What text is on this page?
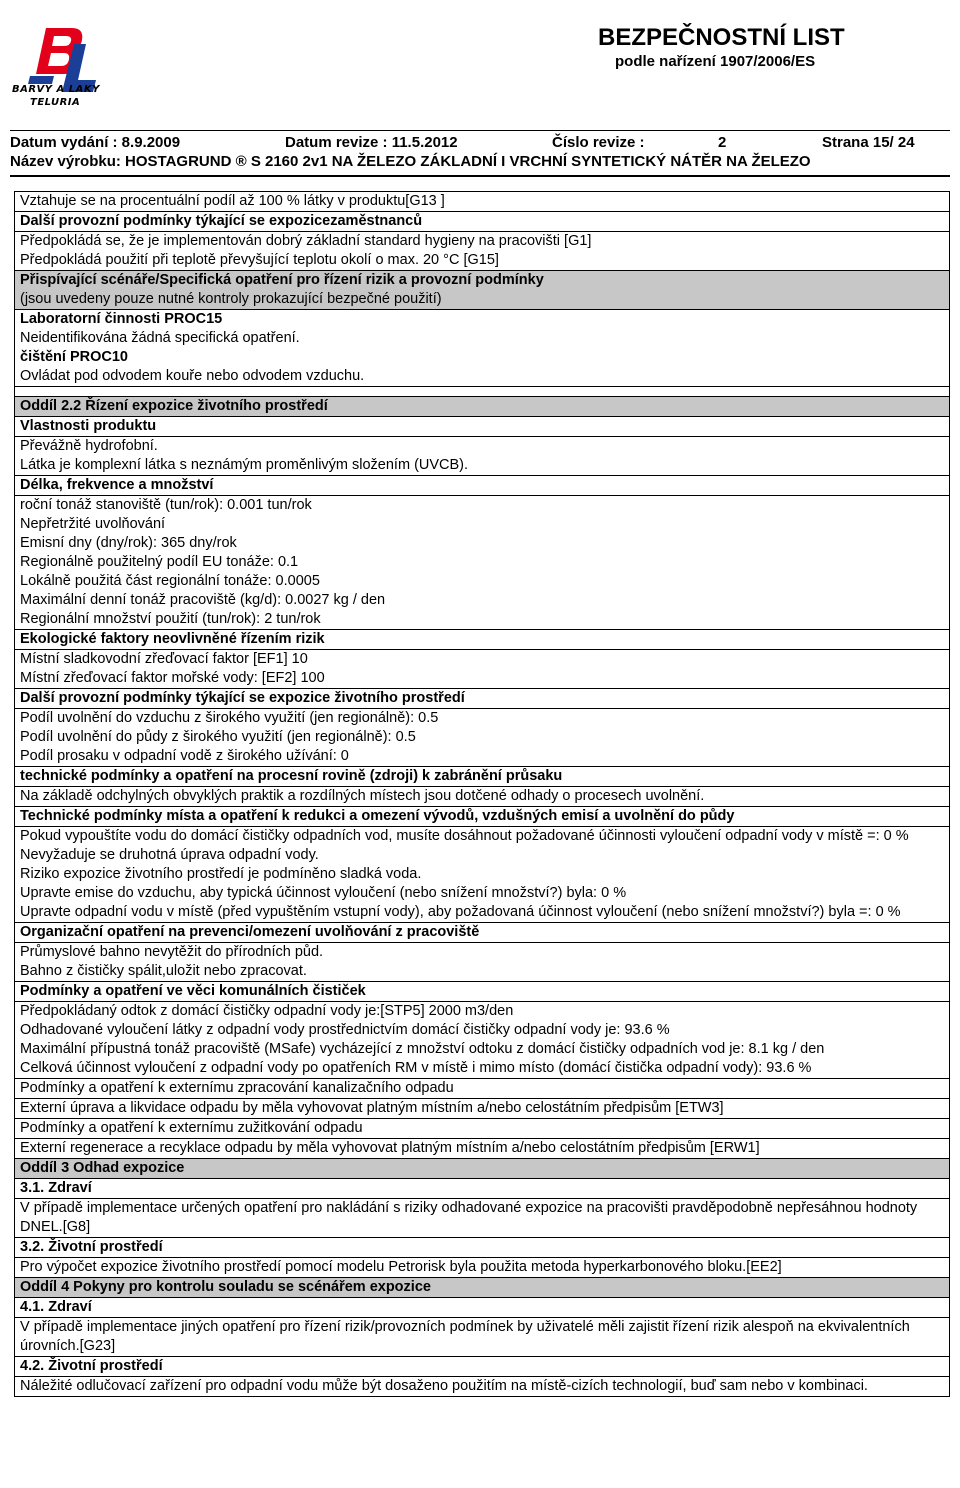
BARVY A LAKY
TELURIA
BEZPEČNOSTNÍ LIST
podle nařízení 1907/2006/ES
Datum vydání : 8.9.2009	Datum revize : 11.5.2012	Číslo revize :	2	Strana 15/ 24
Název výrobku: HOSTAGRUND ® S 2160 2v1 NA ŽELEZO ZÁKLADNÍ I VRCHNÍ SYNTETICKÝ NÁTĚR NA ŽELEZO
Vztahuje se na procentuální podíl až 100 % látky v produktu[G13 ]
Další provozní podmínky týkající se expozicezaměstnanců
Předpokládá se, že je implementován dobrý základní standard hygieny na pracovišti [G1]
Předpokládá použití při teplotě převyšující teplotu okolí o max. 20 °C [G15]
Přispívající scénáře/Specifická opatření pro řízení rizik a provozní podmínky
(jsou uvedeny pouze nutné kontroly prokazující bezpečné použití)
Laboratorní činnosti PROC15
Neidentifikována žádná specifická opatření.
čištění PROC10
Ovládat pod odvodem kouře nebo odvodem vzduchu.
Oddíl 2.2 Řízení expozice životního prostředí
Vlastnosti produktu
Převážně hydrofobní.
Látka je komplexní látka s neznámým proměnlivým složením (UVCB).
Délka, frekvence a množství
roční tonáž stanoviště (tun/rok): 0.001 tun/rok
Nepřetržité uvolňování
Emisní dny (dny/rok): 365 dny/rok
Regionálně použitelný podíl EU tonáže: 0.1
Lokálně použitá část regionální tonáže: 0.0005
Maximální denní tonáž pracoviště (kg/d): 0.0027 kg / den
Regionální množství použití (tun/rok): 2 tun/rok
Ekologické faktory neovlivněné řízením rizik
Místní sladkovodní zřeďovací faktor [EF1] 10
Místní zřeďovací faktor mořské vody: [EF2] 100
Další provozní podmínky týkající se expozice životního prostředí
Podíl uvolnění do vzduchu z širokého využití (jen regionálně): 0.5
Podíl uvolnění do půdy z širokého využití (jen regionálně): 0.5
Podíl prosaku v odpadní vodě z širokého užívání: 0
technické podmínky a opatření na procesní rovině (zdroji) k zabránění průsaku
Na základě odchylných obvyklých praktik a rozdílných místech jsou dotčené odhady o procesech uvolnění.
Technické podmínky místa a opatření k redukci a omezení vývodů, vzdušných emisí a uvolnění do půdy
Pokud vypouštíte vodu do domácí čističky odpadních vod, musíte dosáhnout požadované účinnosti vyloučení odpadní vody v místě =: 0 %
Nevyžaduje se druhotná úprava odpadní vody.
Riziko expozice životního prostředí je podmíněno sladká voda.
Upravte emise do vzduchu, aby typická účinnost vyloučení (nebo snížení množství?) byla: 0 %
Upravte odpadní vodu v místě (před vypuštěním vstupní vody), aby požadovaná účinnost vyloučení (nebo snížení množství?) byla =: 0 %
Organizační opatření na prevenci/omezení uvolňování z pracoviště
Průmyslové bahno nevytěžit do přírodních půd.
Bahno z čističky spálit,uložit nebo zpracovat.
Podmínky a opatření ve věci komunálních čističek
Předpokládaný odtok z domácí čističky odpadní vody je:[STP5] 2000 m3/den
Odhadované vyloučení látky z odpadní vody prostřednictvím domácí čističky odpadní vody je: 93.6 %
Maximální přípustná tonáž pracoviště (MSafe) vycházející z množství odtoku z domácí čističky odpadních vod je: 8.1 kg / den
Celková účinnost vyloučení z odpadní vody po opatřeních RM v místě i mimo místo (domácí čistička odpadní vody): 93.6 %
Podmínky a opatření k externímu zpracování kanalizačního odpadu
Externí úprava a likvidace odpadu by měla vyhovovat platným místním a/nebo celostátním předpisům [ETW3]
Podmínky a opatření k externímu zužitkování odpadu
Externí regenerace a recyklace odpadu by měla vyhovovat platným místním a/nebo celostátním předpisům [ERW1]
Oddíl 3 Odhad expozice
3.1. Zdraví
V případě implementace určených opatření pro nakládání s riziky odhadované expozice na pracovišti pravděpodobně nepřesáhnou hodnoty DNEL.[G8]
3.2. Životní prostředí
Pro výpočet expozice životního prostředí pomocí modelu Petrorisk byla použita metoda hyperkarbonového bloku.[EE2]
Oddíl 4 Pokyny pro kontrolu souladu se scénářem expozice
4.1. Zdraví
V případě implementace jiných opatření pro řízení rizik/provozních podmínek by uživatelé měli zajistit řízení rizik alespoň na ekvivalentních úrovních.[G23]
4.2. Životní prostředí
Náležité odlučovací zařízení pro odpadní vodu může být dosaženo použitím na místě-cizích technologií, buď sam nebo v kombinaci.
